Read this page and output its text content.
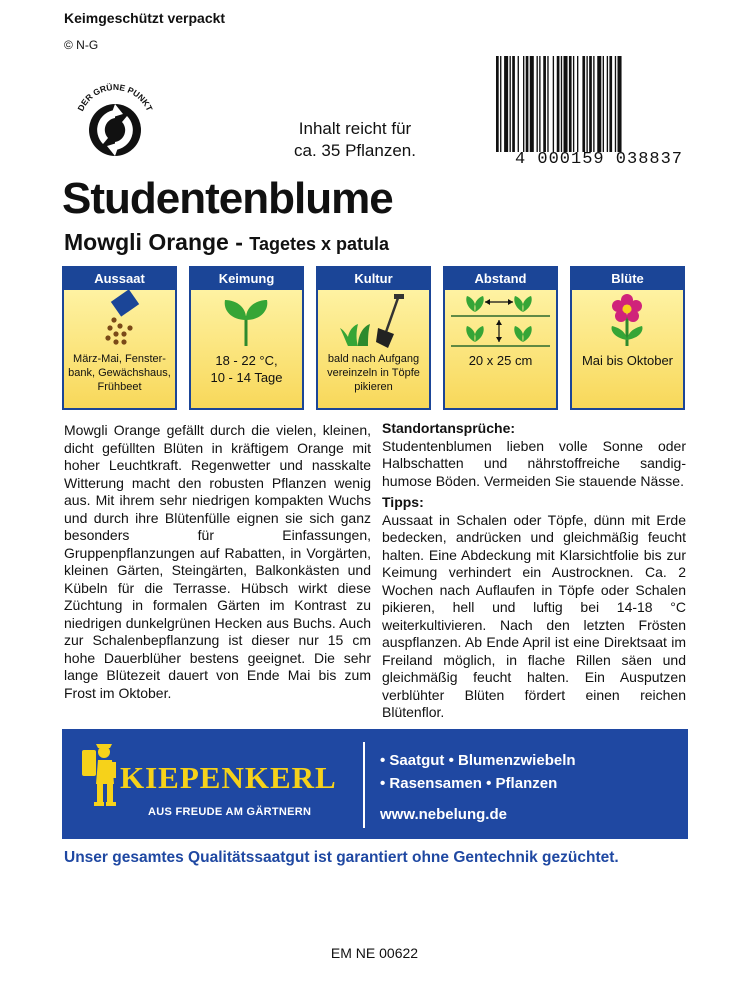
Keimgeschützt verpackt
© N-G
DER GRÜNE PUNKT
Inhalt reicht für
ca. 35 Pflanzen.	4 000159 038837
Studentenblume
Mowgli Orange - Tagetes x patula
Aussaat
März-Mai, Fenster-
bank, Gewächshaus,
Frühbeet
Keimung
18 - 22 °C,
10 - 14 Tage
Kultur
bald nach Aufgang
vereinzeln in Töpfe
pikieren
Abstand
20 x 25 cm
Blüte
Mai bis Oktober
Mowgli Orange gefällt durch die vielen, kleinen, dicht gefüllten Blüten in kräftigem Orange mit hoher Leuchtkraft. Regenwetter und nasskalte Witterung macht den robusten Pflanzen wenig aus. Mit ihrem sehr niedrigen kompakten Wuchs und durch ihre Blütenfülle eignen sie sich ganz besonders für Einfassungen, Gruppenpflanzungen auf Rabatten, in Vorgärten, kleinen Gärten, Steingärten, Balkonkästen und Kübeln für die Terrasse. Hübsch wirkt diese Züchtung in formalen Gärten im Kontrast zu niedrigen dunkelgrünen Hecken aus Buchs. Auch zur Schalenbepflanzung ist dieser nur 15 cm hohe Dauerblüher bestens geeignet. Die sehr lange Blütezeit dauert von Ende Mai bis zum Frost im Oktober.
Standortansprüche:
Studentenblumen lieben volle Sonne oder Halbschatten und nährstoffreiche sandig-humose Böden. Vermeiden Sie stauende Nässe.
Tipps:
Aussaat in Schalen oder Töpfe, dünn mit Erde bedecken, andrücken und gleichmäßig feucht halten. Eine Abdeckung mit Klarsichtfolie bis zur Keimung verhindert ein Austrocknen. Ca. 2 Wochen nach Auflaufen in Töpfe oder Schalen pikieren, hell und luftig bei 14-18 °C weiterkultivieren. Nach den letzten Frösten auspflanzen. Ab Ende April ist eine Direktsaat im Freiland möglich, in flache Rillen säen und gleichmäßig feucht halten. Ein Ausputzen verblühter Blüten fördert einen reichen Blütenflor.
KIEPENKERL
AUS FREUDE AM GÄRTNERN
• Saatgut • Blumenzwiebeln
• Rasensamen • Pflanzen
www.nebelung.de
Unser gesamtes Qualitätssaatgut ist garantiert ohne Gentechnik gezüchtet.
EM NE 00622
